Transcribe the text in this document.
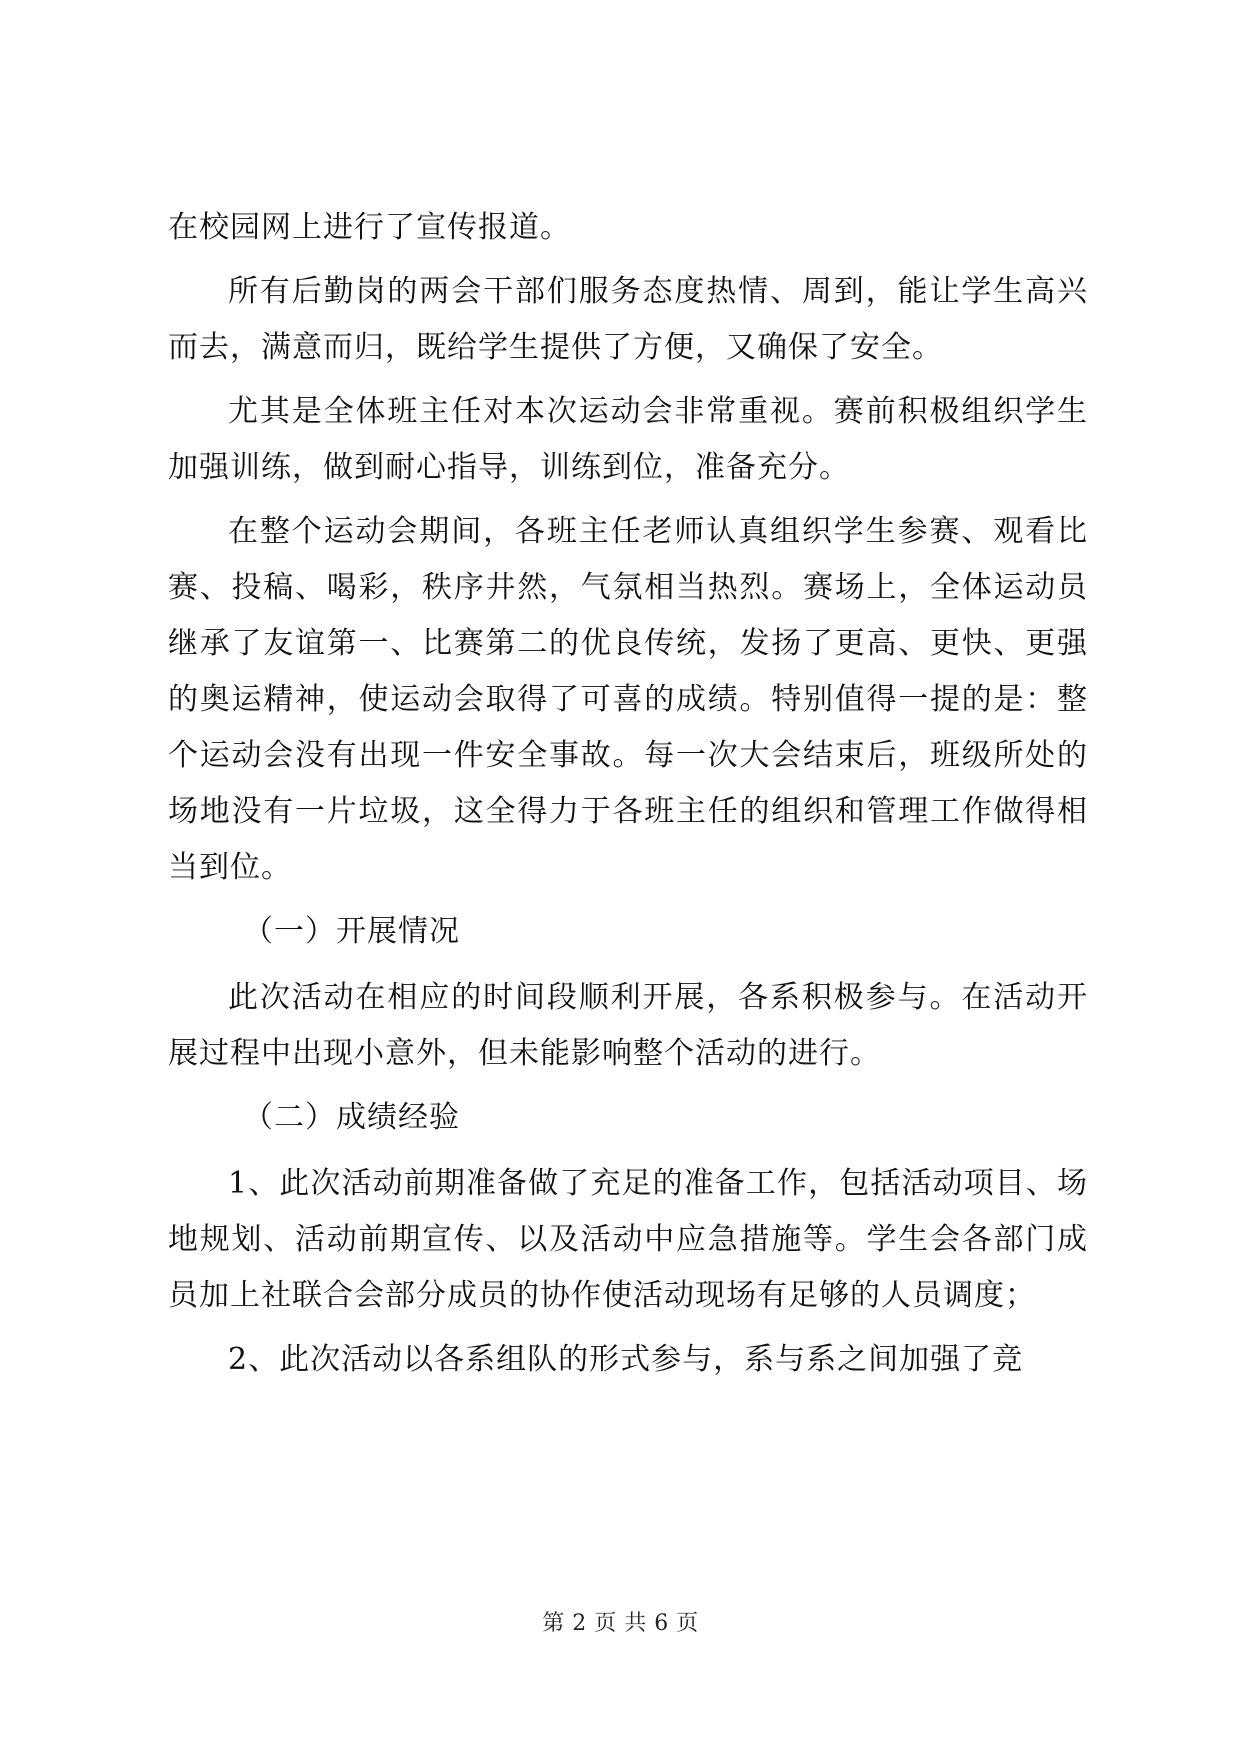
在校园网上进行了宣传报道。

所有后勤岗的两会干部们服务态度热情、周到，能让学生高兴而去，满意而归，既给学生提供了方便，又确保了安全。

尤其是全体班主任对本次运动会非常重视。赛前积极组织学生加强训练，做到耐心指导，训练到位，准备充分。

在整个运动会期间，各班主任老师认真组织学生参赛、观看比赛、投稿、喝彩，秩序井然，气氛相当热烈。赛场上，全体运动员继承了友谊第一、比赛第二的优良传统，发扬了更高、更快、更强的奥运精神，使运动会取得了可喜的成绩。特别值得一提的是：整个运动会没有出现一件安全事故。每一次大会结束后，班级所处的场地没有一片垃圾，这全得力于各班主任的组织和管理工作做得相当到位。

（一）开展情况

此次活动在相应的时间段顺利开展，各系积极参与。在活动开展过程中出现小意外，但未能影响整个活动的进行。

（二）成绩经验

1、此次活动前期准备做了充足的准备工作，包括活动项目、场地规划、活动前期宣传、以及活动中应急措施等。学生会各部门成员加上社联合会部分成员的协作使活动现场有足够的人员调度；

2、此次活动以各系组队的形式参与，系与系之间加强了竞

第 2 页 共 6 页
